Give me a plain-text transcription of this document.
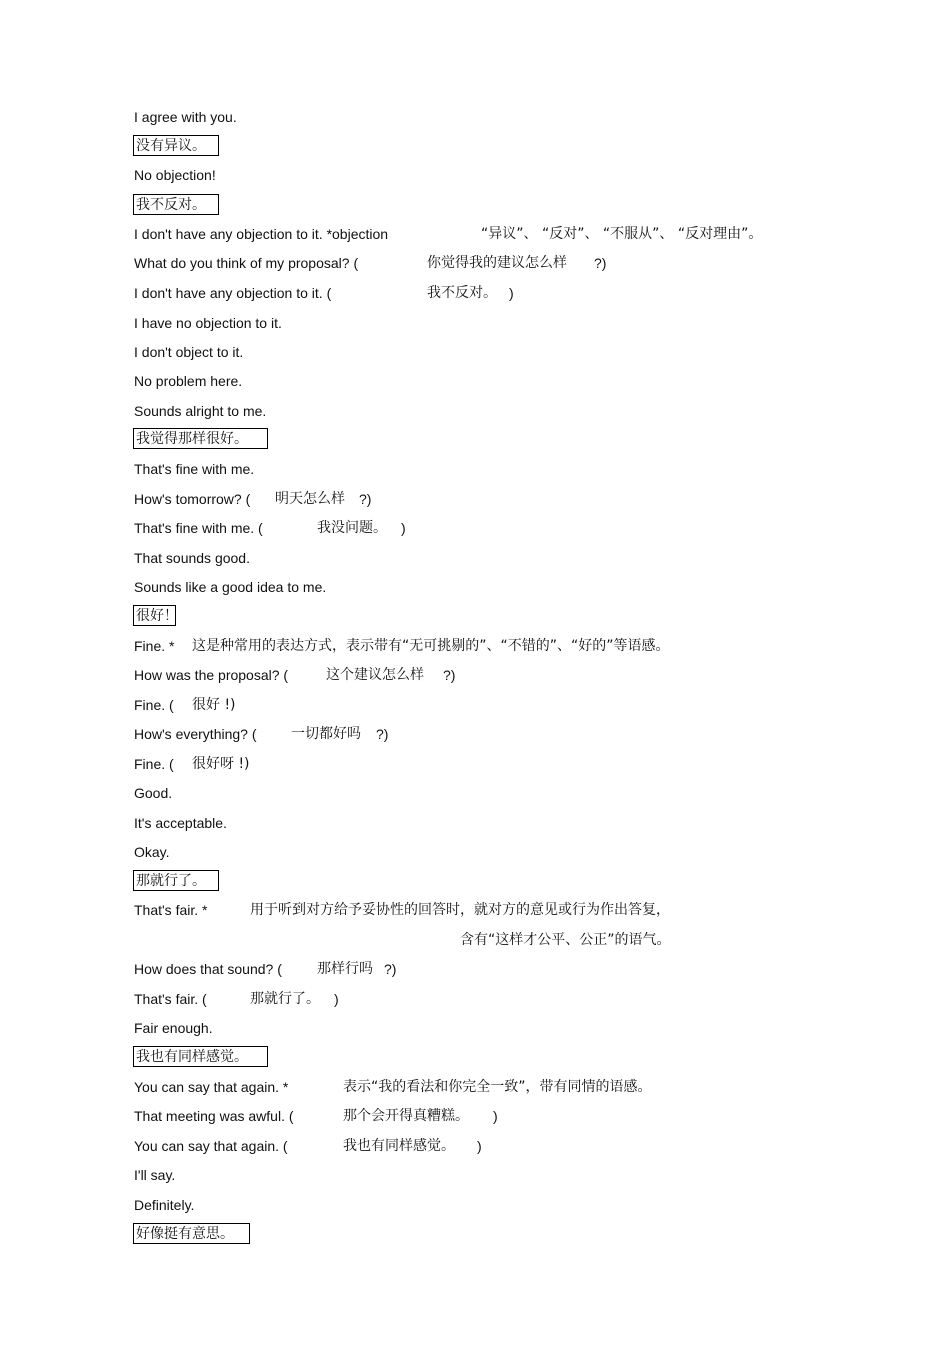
I agree with you.
没有异议。
No objection!
我不反对。
I don't have any objection to it. *objection	“异议”、 “反对”、 “不服从”、 “反对理由”。
What do you think of my proposal? (	你觉得我的建议怎么样 ?)
I don't have any objection to it. (	我不反对。 )
I have no objection to it.
I don't object to it.
No problem here.
Sounds alright to me.
我觉得那样很好。
That's fine with me.
How's tomorrow? ( 明天怎么样 ?)
That's fine with me. (	我没问题。 )
That sounds good.
Sounds like a good idea to me.
很好！
Fine. * 这是种常用的表达方式，表示带有“无可挑剔的”、“不错的”、“好的”等语感。
How was the proposal? (	这个建议怎么样 ?)
Fine. ( 很好 !)
How's everything? ( 一切都好吗 ?)
Fine. ( 很好呀 !)
Good.
It's acceptable.
Okay.
那就行了。
That's fair. *	用于听到对方给予妥协性的回答时，就对方的意见或行为作出答复，
含有“这样才公平、公正”的语气。
How does that sound? (	那样行吗 ?)
That's fair. (	那就行了。 )
Fair enough.
我也有同样感觉。
You can say that again. *	表示“我的看法和你完全一致”，带有同情的语感。
That meeting was awful. (	那个会开得真糟糕。 )
You can say that again. (	我也有同样感觉。 )
I'll say.
Definitely.
好像挺有意思。
